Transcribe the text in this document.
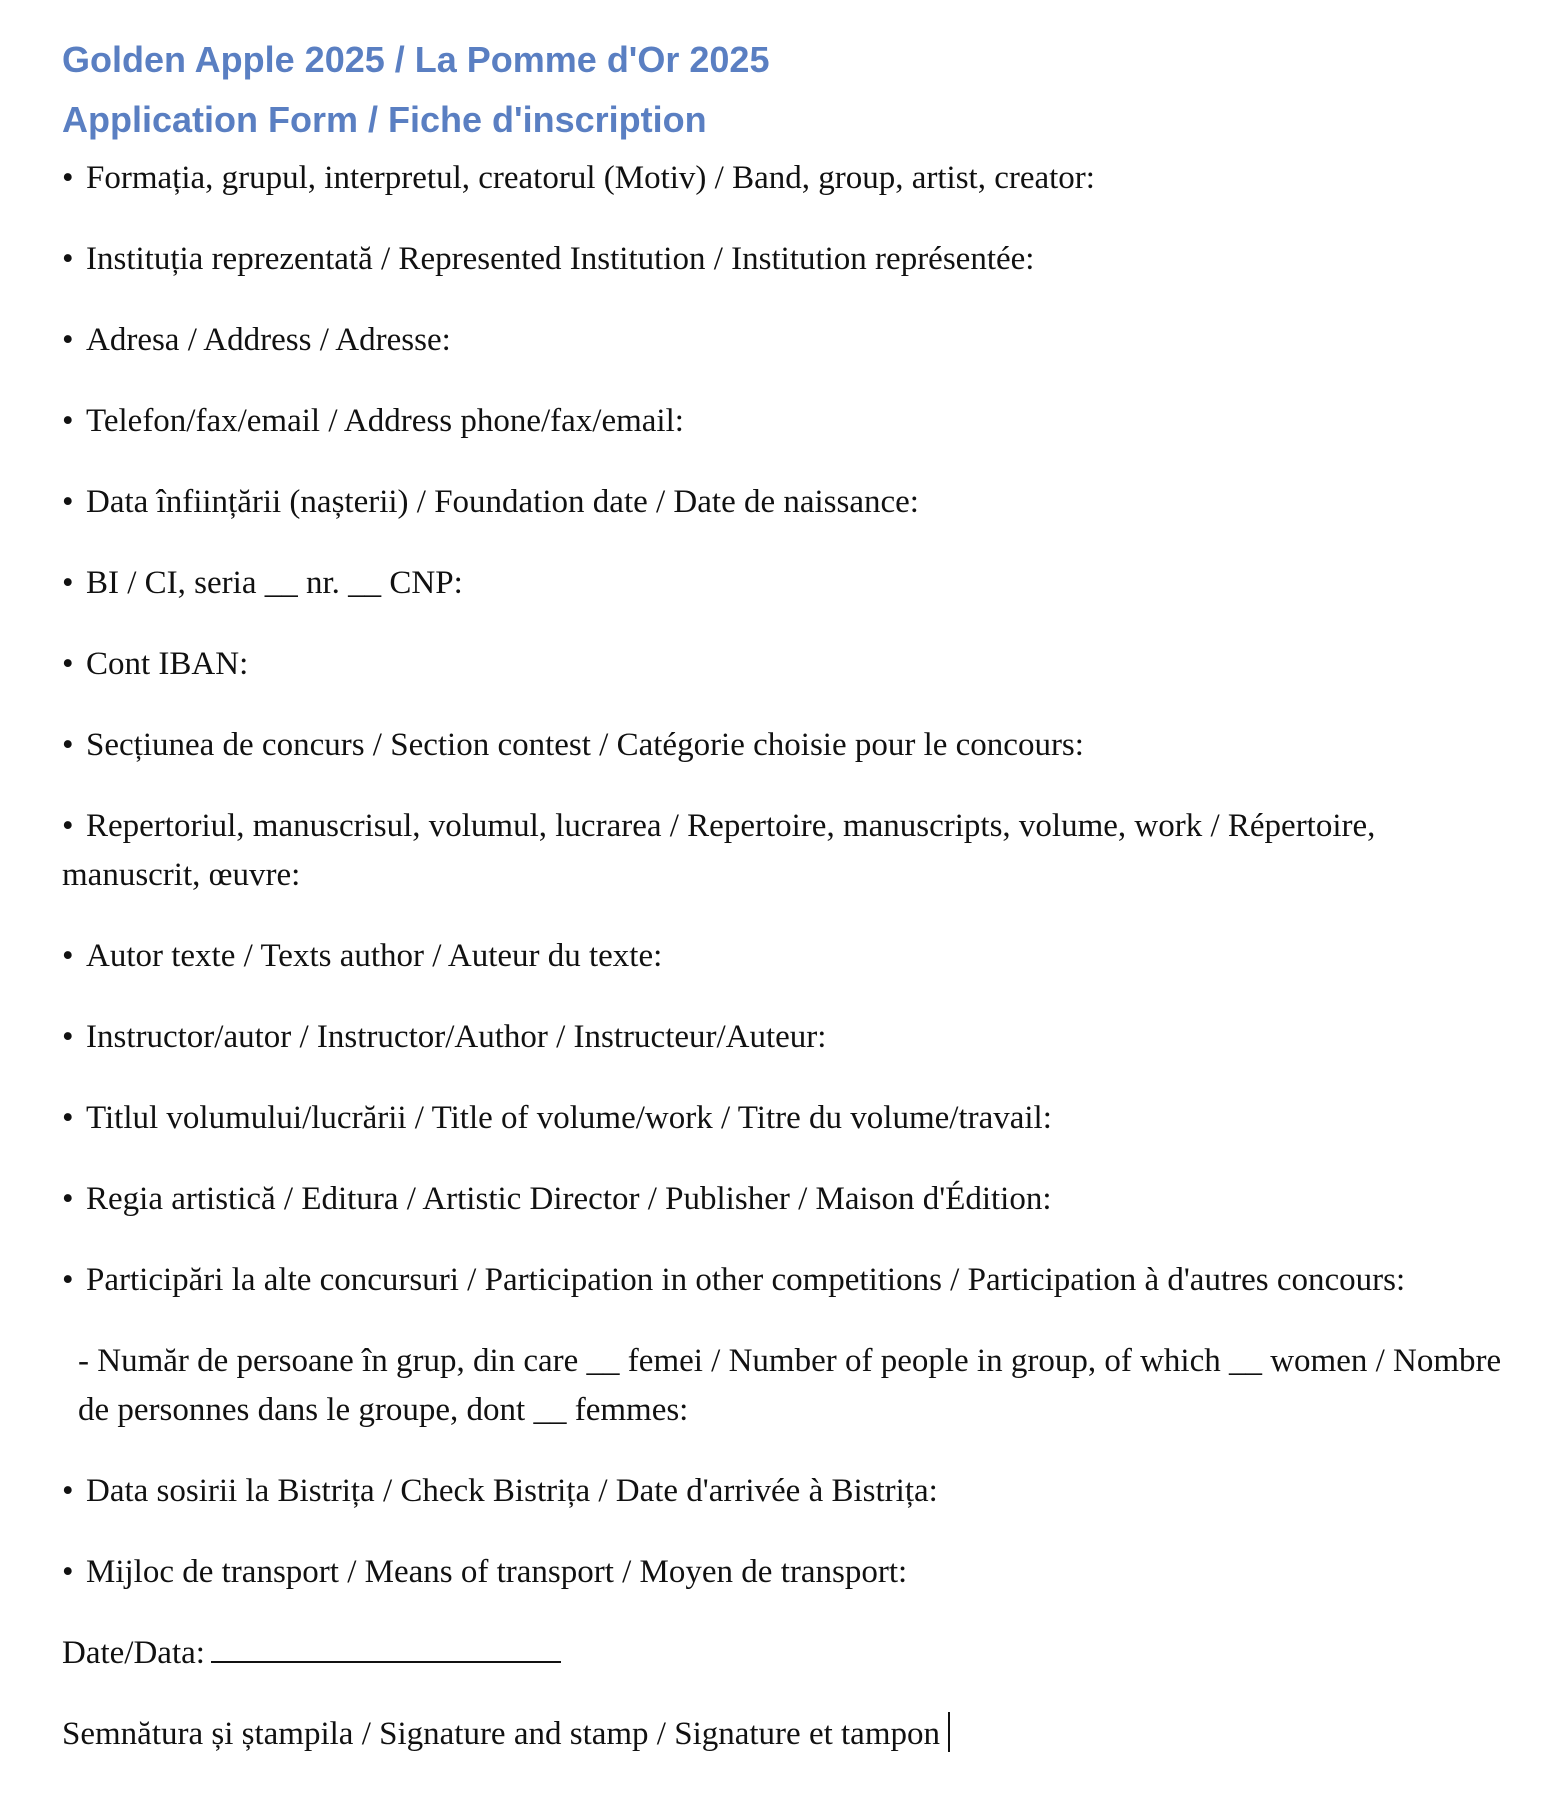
Golden Apple 2025 / La Pomme d'Or 2025
Application Form / Fiche d'inscription

• Formația, grupul, interpretul, creatorul (Motiv) / Band, group, artist, creator:

• Instituția reprezentată / Represented Institution / Institution représentée:

• Adresa / Address / Adresse:

• Telefon/fax/email / Address phone/fax/email:

• Data înființării (nașterii) / Foundation date / Date de naissance:

• BI / CI, seria __ nr. __ CNP:

• Cont IBAN:

• Secțiunea de concurs / Section contest / Catégorie choisie pour le concours:

• Repertoriul, manuscrisul, volumul, lucrarea / Repertoire, manuscripts, volume, work / Répertoire, manuscrit, œuvre:

• Autor texte / Texts author / Auteur du texte:

• Instructor/autor / Instructor/Author / Instructeur/Auteur:

• Titlul volumului/lucrării / Title of volume/work / Titre du volume/travail:

• Regia artistică / Editura / Artistic Director / Publisher / Maison d'Édition:

• Participări la alte concursuri / Participation in other competitions / Participation à d'autres concours:

- Număr de persoane în grup, din care __ femei / Number of people in group, of which __ women / Nombre de personnes dans le groupe, dont __ femmes:

• Data sosirii la Bistrița / Check Bistrița / Date d'arrivée à Bistrița:

• Mijloc de transport / Means of transport / Moyen de transport:

Date/Data:

Semnătura și ștampila / Signature and stamp / Signature et tampon
